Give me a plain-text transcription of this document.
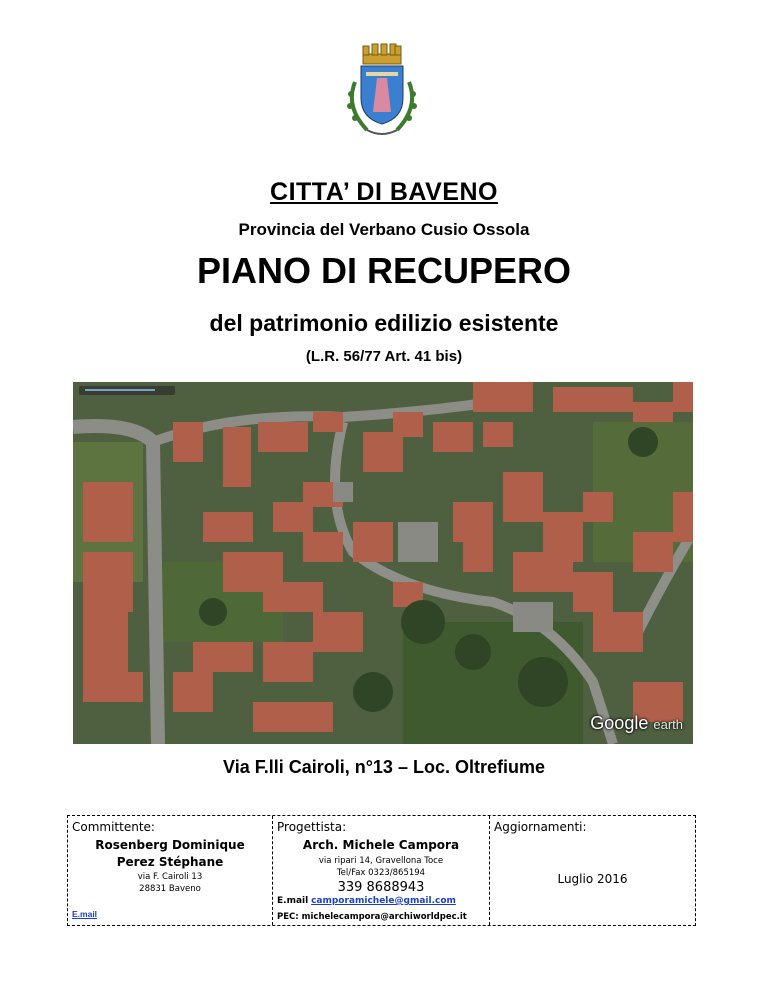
CITTA’ DI BAVENO
Provincia del Verbano Cusio Ossola
PIANO DI RECUPERO
del patrimonio edilizio esistente
(L.R. 56/77 Art. 41 bis)
Google earth
Via F.lli Cairoli, n°13 – Loc. Oltrefiume
Committente:
Rosenberg Dominique
Perez Stéphane
via F. Cairoli 13
28831 Baveno
E.mail
Progettista:
Arch. Michele Campora
via ripari 14, Gravellona Toce
Tel/Fax 0323/865194
339 8688943
E.mail camporamichele@gmail.com
PEC: michelecampora@archiworldpec.it
Aggiornamenti:
Luglio 2016
